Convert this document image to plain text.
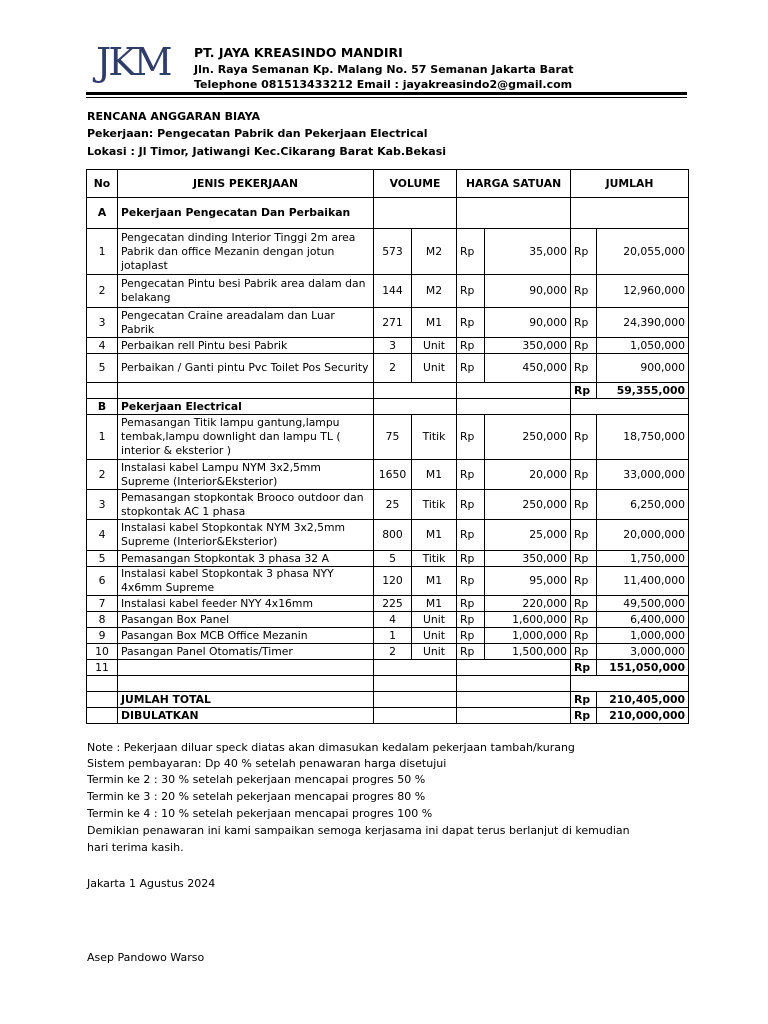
JKM	PT. JAYA KREASINDO MANDIRI
Jln. Raya Semanan Kp. Malang No. 57 Semanan Jakarta Barat
Telephone 081513433212 Email : jayakreasindo2@gmail.com
RENCANA ANGGARAN BIAYA
Pekerjaan: Pengecatan Pabrik dan Pekerjaan Electrical
Lokasi : Jl Timor, Jatiwangi Kec.Cikarang Barat Kab.Bekasi
No	JENIS PEKERJAAN	VOLUME		HARGA SATUAN		JUMLAH	
A	Pekerjaan Pengecatan Dan Perbaikan						
1	Pengecatan dinding Interior Tinggi 2m area Pabrik dan office Mezanin dengan jotun jotaplast	573	M2	Rp	35,000	Rp	20,055,000
2	Pengecatan Pintu besi Pabrik area dalam dan belakang	144	M2	Rp	90,000	Rp	12,960,000
3	Pengecatan Craine areadalam dan Luar Pabrik	271	M1	Rp	90,000	Rp	24,390,000
4	Perbaikan rell Pintu besi Pabrik	3	Unit	Rp	350,000	Rp	1,050,000
5	Perbaikan / Ganti pintu Pvc Toilet Pos Security	2	Unit	Rp	450,000	Rp	900,000
						Rp	59,355,000
B	Pekerjaan Electrical						
1	Pemasangan Titik lampu gantung,lampu tembak,lampu downlight dan lampu TL ( interior & eksterior )	75	Titik	Rp	250,000	Rp	18,750,000
2	Instalasi kabel Lampu NYM 3x2,5mm Supreme (Interior&Eksterior)	1650	M1	Rp	20,000	Rp	33,000,000
3	Pemasangan stopkontak Brooco outdoor dan stopkontak AC 1 phasa	25	Titik	Rp	250,000	Rp	6,250,000
4	Instalasi kabel Stopkontak NYM 3x2,5mm Supreme (Interior&Eksterior)	800	M1	Rp	25,000	Rp	20,000,000
5	Pemasangan Stopkontak 3 phasa 32 A	5	Titik	Rp	350,000	Rp	1,750,000
6	Instalasi kabel Stopkontak 3 phasa NYY 4x6mm Supreme	120	M1	Rp	95,000	Rp	11,400,000
7	Instalasi kabel feeder NYY 4x16mm	225	M1	Rp	220,000	Rp	49,500,000
8	Pasangan Box Panel	4	Unit	Rp	1,600,000	Rp	6,400,000
9	Pasangan Box MCB Office Mezanin	1	Unit	Rp	1,000,000	Rp	1,000,000
10	Pasangan Panel Otomatis/Timer	2	Unit	Rp	1,500,000	Rp	3,000,000
11						Rp	151,050,000

	JUMLAH TOTAL					Rp	210,405,000
	DIBULATKAN					Rp	210,000,000
Note : Pekerjaan diluar speck diatas akan dimasukan kedalam pekerjaan tambah/kurang
Sistem pembayaran: Dp 40 % setelah penawaran harga disetujui
Termin ke 2 : 30 % setelah pekerjaan mencapai progres 50 %
Termin ke 3 : 20 % setelah pekerjaan mencapai progres 80 %
Termin ke 4 : 10 % setelah pekerjaan mencapai progres 100 %
Demikian penawaran ini kami sampaikan semoga kerjasama ini dapat terus berlanjut di kemudian
hari terima kasih.
Jakarta 1 Agustus 2024
Asep Pandowo Warso
